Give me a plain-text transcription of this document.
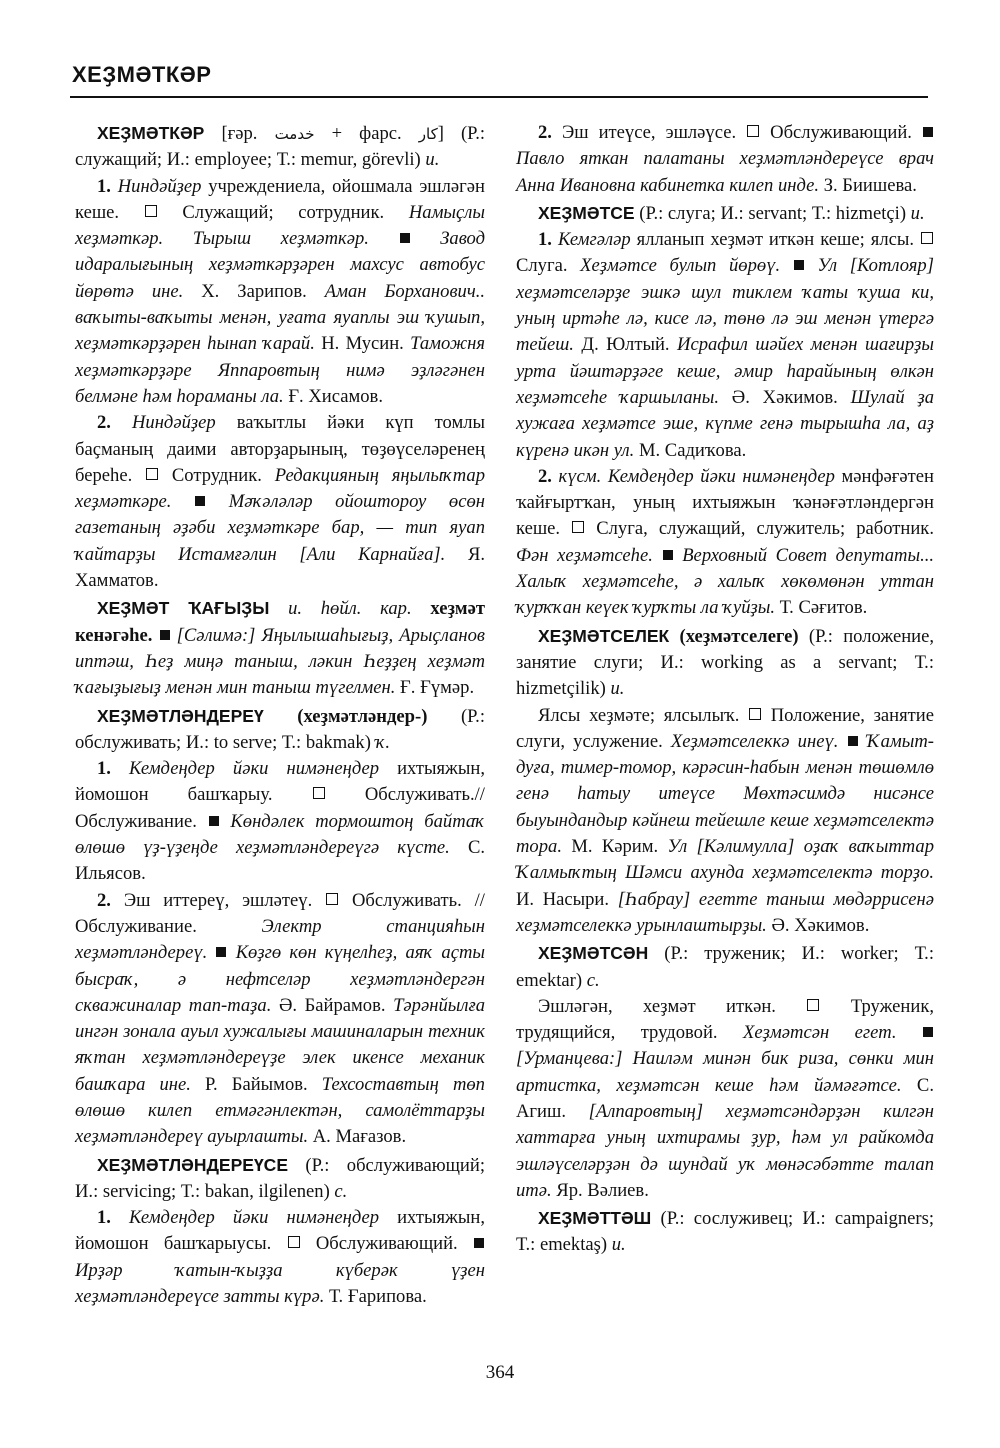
ХЕҘМӘТКӘР

ХЕҘМӘТКӘР [ғәр. خدمت + фарс. کار] (Р.: служащий; И.: employee; Т.: memur, görevli) и.

1. Ниндәйҙер учреждениела, ойошмала эшләгән кеше.	Служащий; сотрудник. Намыҫлы хеҙмәткәр. Тырыш хеҙмәткәр.	Завод идаралығының хеҙмәткәрҙәрен махсус автобус йөрөтә ине. Х. Зарипов. Аман Борханович.. ваҡыты-ваҡыты менән, уғата яуаплы эш ҡушып, хеҙмәткәрҙәрен һынап ҡарай. Н. Мусин. Таможня хеҙмәткәрҙәре Яппаровтың нимә эҙләгәнен белмәне һәм һораманы ла. Ғ. Хисамов.

2. Ниндәйҙер ваҡытлы йәки күп томлы баҫманың даими авторҙарының, төҙөүселәренең береһе. Сотрудник. Редакцияның яңылыҡтар хеҙмәткәре.	Мәҡәләләр ойоштороу өсөн газетаның әҙәби хеҙмәткәре бар, — тип яуап ҡайтарҙы Истамғәлин [Али Карнайға]. Я. Хамматов.

ХЕҘМӘТ ҠАҒЫҘЫ и. һөйл. кар. хеҙмәт кенәгәһе. [Сәлимә:] Яңылышаһығыҙ, Арыҫланов иптәш, Һеҙ миңә таныш, ләкин Һеҙҙең хеҙмәт ҡағыҙығыҙ менән мин таныш түгелмен. Ғ. Ғүмәр.

ХЕҘМӘТЛӘНДЕРЕҮ (хеҙмәтләндер-) (Р.: обслуживать; И.: to serve; Т.: bakmak) ҡ.

1. Кемдеңдер йәки нимәнеңдер ихтыяжын, йомошон башҡарыу.	Обслуживать.// Обслуживание. Көндәлек тормоштоң байтаҡ өлөшө үҙ-үҙеңде хеҙмәтләндереүгә күсте. С. Ильясов.

2. Эш иттереү, эшләтеү. Обслуживать. // Обслуживание.	Электр станцияһын хеҙмәтләндереү. Көҙгө көн күңелһеҙ, аяҡ аҫты бысраҡ, ә нефтселәр хеҙмәтләндергән скважиналар тап-таҙа. Ә. Байрамов. Тәрәнйылға ингән зонала ауыл хужалығы машиналарын техник яҡтан хеҙмәтләндереүҙе элек икенсе механик башҡара ине. Р. Байымов. Техсоставтың төп өлөшө килеп етмәгәнлектән, самолёттарҙы хеҙмәтләндереү ауырлашты. А. Мағазов.

ХЕҘМӘТЛӘНДЕРЕҮСЕ (Р.: обслуживающий; И.: servicing; Т.: bakan, ilgilenen) с.

1. Кемдеңдер йәки нимәнеңдер ихтыяжын, йомошон башҡарыусы. Обслуживающий.  Ирҙәр ҡатын-ҡыҙҙа күберәк үҙен хеҙмәтләндереүсе затты күрә. Т. Ғарипова.

2. Эш итеүсе, эшләүсе. Обслуживающий.  Павло яткан палатаны хеҙмәтләндереүсе врач Анна Ивановна кабинетка килеп инде. З. Биишева.

ХЕҘМӘТСЕ (Р.: слуга; И.: servant; Т.: hizmetçi) и.

1. Кемгәләр ялланып хеҙмәт иткән кеше; ялсы.  Слуга. Хеҙмәтсе булып йөрөү. Ул [Котлояр] хеҙмәтселәрҙе эшкә шул тиклем ҡаты ҡуша ки, уның иртәһе лә, кисе лә, төнө лә эш менән үтергә тейеш. Д. Юлтый. Исрафил шәйех менән шағирҙы урта йәштәрҙәге кеше, әмир һарайының өлкән хеҙмәтсеһе ҡаршыланы. Ә. Хәкимов. Шулай ҙа хужаға хеҙмәтсе эше, күпме генә тырышһа ла, аҙ күренә икән ул. М. Садиҡова.

2. күсм. Кемдеңдер йәки нимәнеңдер мәнфәғәтен ҡайғыртҡан, уның ихтыяжын ҡәнәғәтләндергән кеше. Слуга, служащий, служитель; работник. Фән хеҙмәтсеһе. Верховный Совет депутаты... Халыҡ хеҙмәтсеһе, ә халыҡ хөкөмөнән уттан ҡурҡҡан кеүек ҡурҡты ла ҡуйҙы. Т. Сәғитов.

ХЕҘМӘТСЕЛЕК (хеҙмәтселеге) (Р.: положение, занятие слуги; И.: working as a servant; Т.: hizmetçilik) и.

Ялсы хеҙмәте; ялсылыҡ. Положение, занятие слуги, услужение. Хеҙмәтселеккә инеү. Ҡамыт-дуға, тимер-томор, кәрәсин-һабын менән төшөмлө генә һатыу итеүсе Мөхтәсимдә нисәнсе быуындандыр кәйнеш тейешле кеше хеҙмәтселектә тора. М. Кәрим. Ул [Кәлимулла] оҙаҡ ваҡыттар Ҡалмыҡтың Шәмси ахунда хеҙмәтселектә торҙо. И. Насыри. [Һабрау] егетте таныш мөдәррисенә хеҙмәтселеккә урынлаштырҙы. Ә. Хәкимов.

ХЕҘМӘТСӘН (Р.: труженик; И.: worker; Т.: emektar) с.

Эшләгән, хеҙмәт иткән.	Труженик, трудящийся, трудовой. Хеҙмәтсән егет.  [Урманцева:] Наиләм минән бик риза, сөнки мин артистка, хеҙмәтсән кеше һәм йәмәғәтсе. С. Агиш. [Алпаровтың] хеҙмәтсәндәрҙән килгән хаттарға уның ихтирамы ҙур, һәм ул райкомда эшләүселәрҙән дә шундай уҡ мөнәсәбәтте талап итә. Яр. Вәлиев.

ХЕҘМӘТТӘШ (Р.: сослуживец; И.: campaigners; Т.: emektaş) и.

364
